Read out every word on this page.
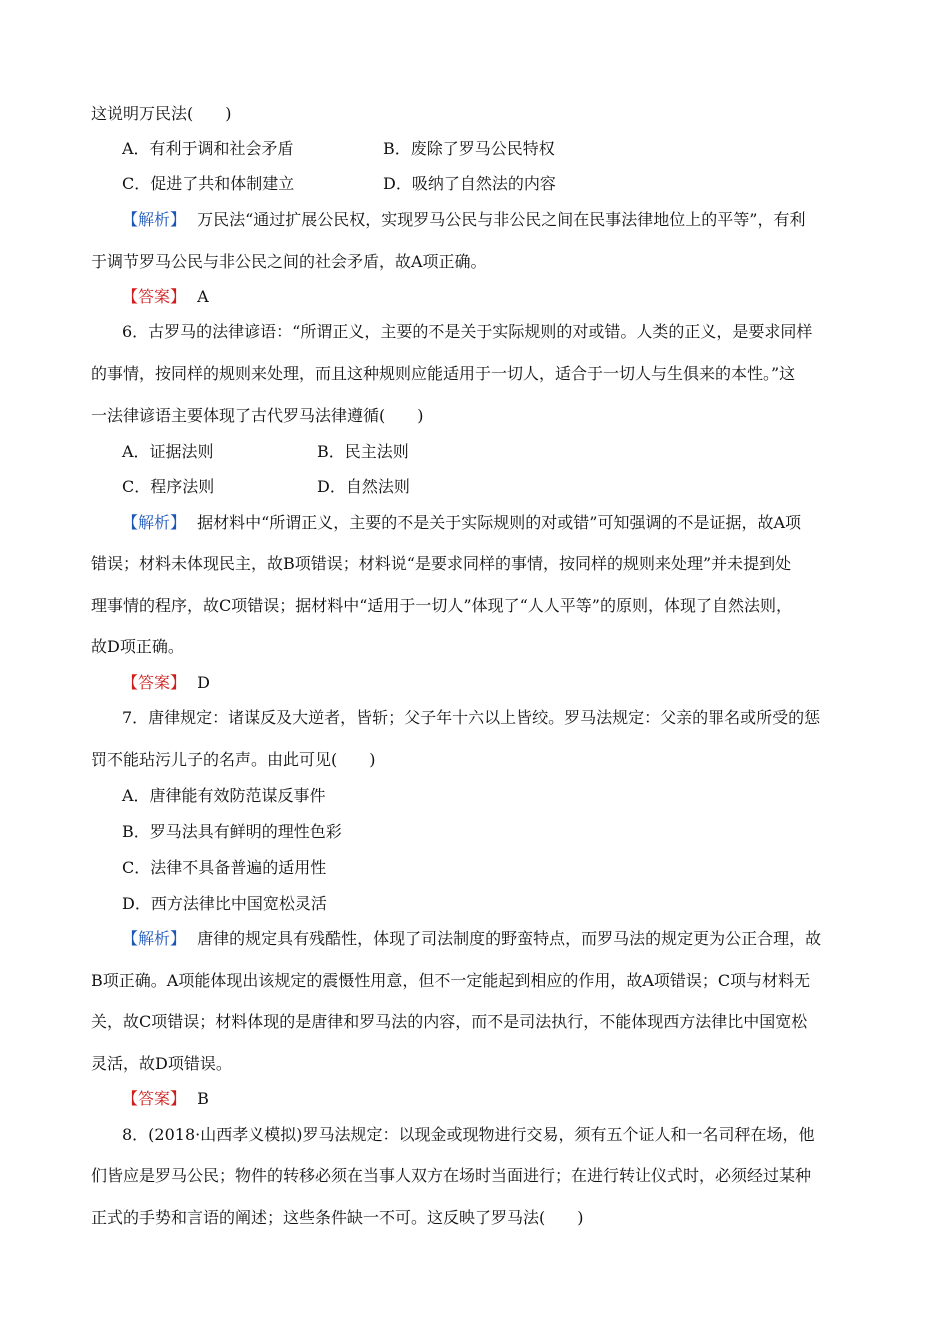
这说明万民法(　　)
A．有利于调和社会矛盾	B．废除了罗马公民特权
C．促进了共和体制建立	D．吸纳了自然法的内容
【解析】 万民法“通过扩展公民权，实现罗马公民与非公民之间在民事法律地位上的平等”，有利
于调节罗马公民与非公民之间的社会矛盾，故A项正确。
【答案】 A
6．古罗马的法律谚语：“所谓正义，主要的不是关于实际规则的对或错。人类的正义，是要求同样
的事情，按同样的规则来处理，而且这种规则应能适用于一切人，适合于一切人与生俱来的本性。”这
一法律谚语主要体现了古代罗马法律遵循(　　)
A．证据法则	B．民主法则
C．程序法则	D．自然法则
【解析】 据材料中“所谓正义，主要的不是关于实际规则的对或错”可知强调的不是证据，故A项
错误；材料未体现民主，故B项错误；材料说“是要求同样的事情，按同样的规则来处理”并未提到处
理事情的程序，故C项错误；据材料中“适用于一切人”体现了“人人平等”的原则，体现了自然法则，
故D项正确。
【答案】 D
7．唐律规定：诸谋反及大逆者，皆斩；父子年十六以上皆绞。罗马法规定：父亲的罪名或所受的惩
罚不能玷污儿子的名声。由此可见(　　)
A．唐律能有效防范谋反事件
B．罗马法具有鲜明的理性色彩
C．法律不具备普遍的适用性
D．西方法律比中国宽松灵活
【解析】 唐律的规定具有残酷性，体现了司法制度的野蛮特点，而罗马法的规定更为公正合理，故
B项正确。A项能体现出该规定的震慑性用意，但不一定能起到相应的作用，故A项错误；C项与材料无
关，故C项错误；材料体现的是唐律和罗马法的内容，而不是司法执行，不能体现西方法律比中国宽松
灵活，故D项错误。
【答案】 B
8．(2018·山西孝义模拟)罗马法规定：以现金或现物进行交易，须有五个证人和一名司秤在场，他
们皆应是罗马公民；物件的转移必须在当事人双方在场时当面进行；在进行转让仪式时，必须经过某种
正式的手势和言语的阐述；这些条件缺一不可。这反映了罗马法(　　)
